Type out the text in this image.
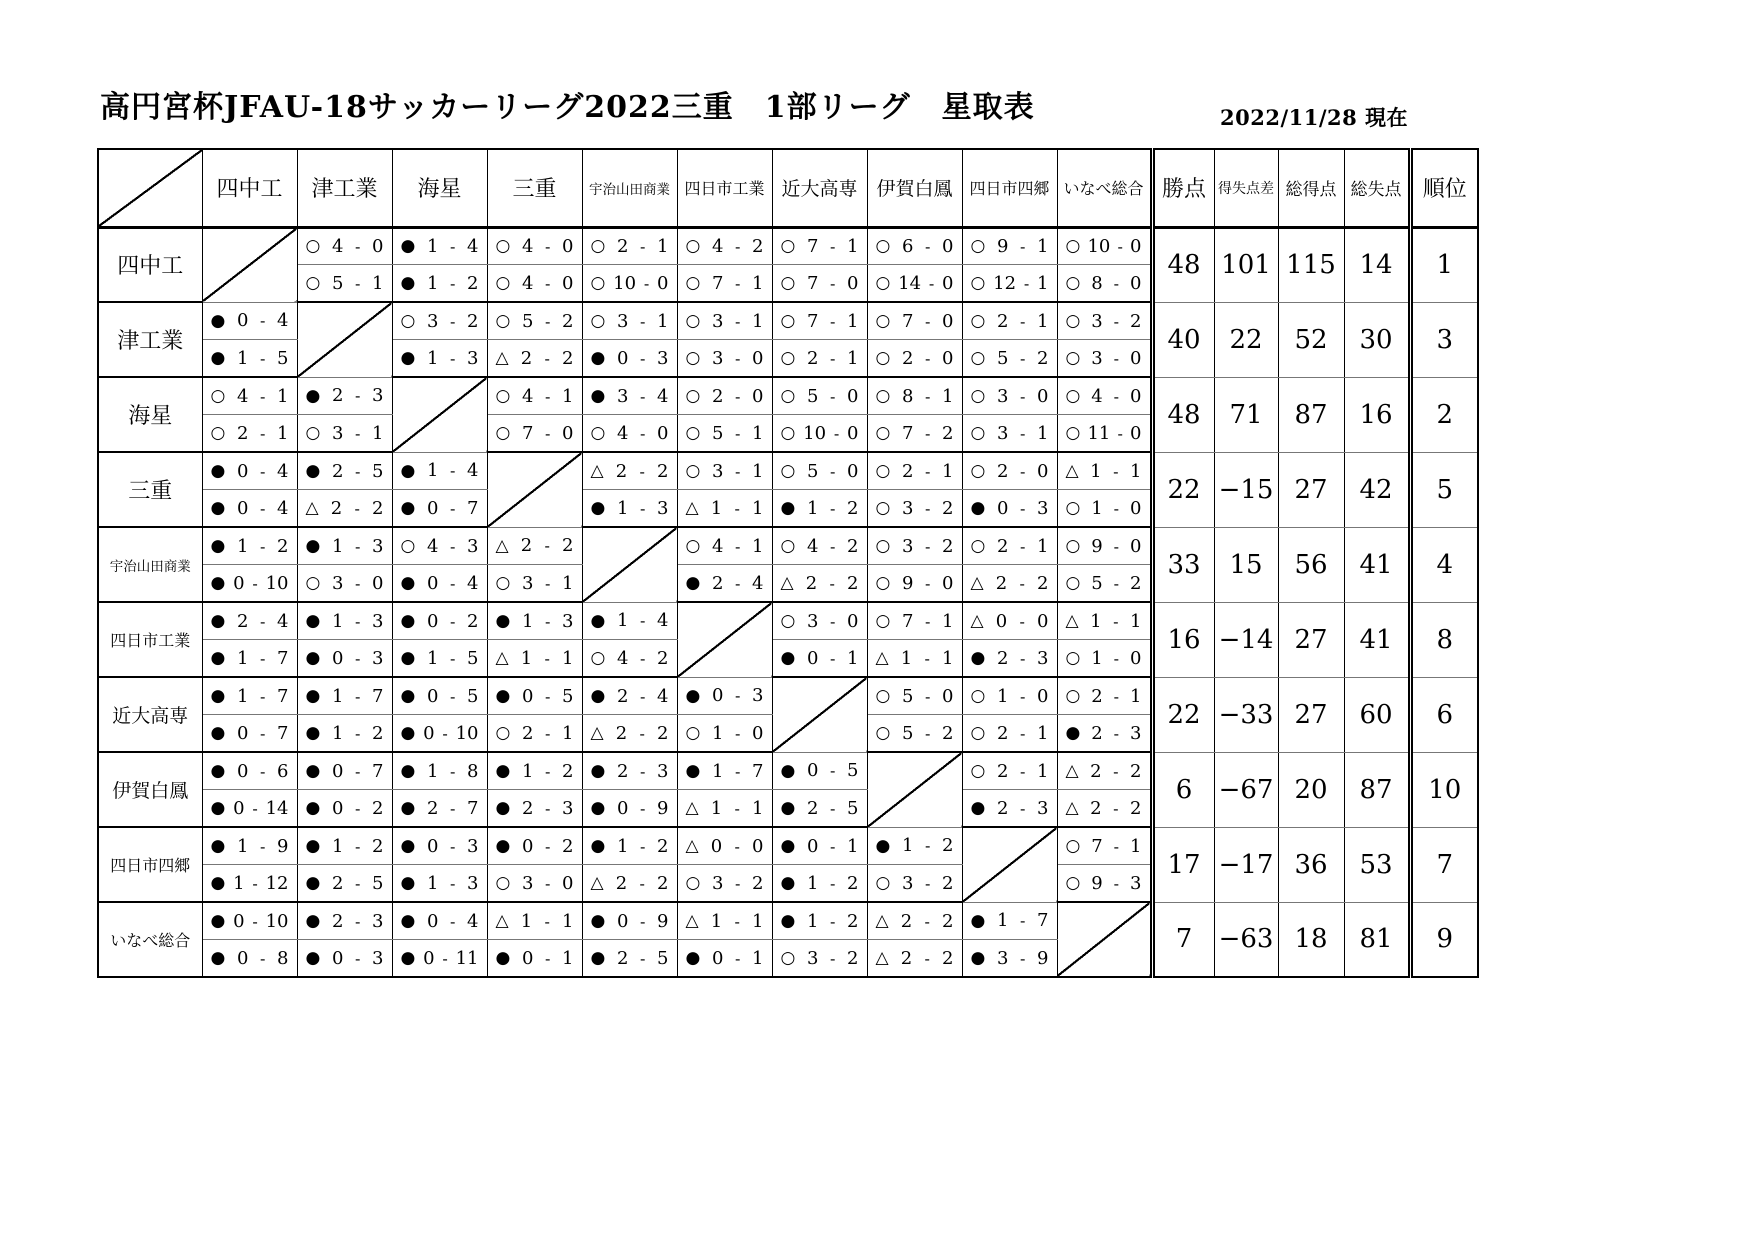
高円宮杯JFAU-18サッカーリーグ2022三重　1部リーグ　星取表	2022/11/28 現在
	四中工	津工業	海星	三重	宇治山田商業	四日市工業	近大高専	伊賀白鳳	四日市四郷	いなべ総合	勝点	得失点差	総得点	総失点	順位
四中工		○ 4 - 0	● 1 - 4	○ 4 - 0	○ 2 - 1	○ 4 - 2	○ 7 - 1	○ 6 - 0	○ 9 - 1	○ 10 - 0	48	101	115	14	1

		○ 5 - 1	● 1 - 2	○ 4 - 0	○ 10 - 0	○ 7 - 1	○ 7 - 0	○ 14 - 0	○ 12 - 1	○ 8 - 0					

津工業	● 0 - 4		○ 3 - 2	○ 5 - 2	○ 3 - 1	○ 3 - 1	○ 7 - 1	○ 7 - 0	○ 2 - 1	○ 3 - 2	40	22	52	30	3

	● 1 - 5		● 1 - 3	△ 2 - 2	● 0 - 3	○ 3 - 0	○ 2 - 1	○ 2 - 0	○ 5 - 2	○ 3 - 0					

海星	○ 4 - 1	● 2 - 3		○ 4 - 1	● 3 - 4	○ 2 - 0	○ 5 - 0	○ 8 - 1	○ 3 - 0	○ 4 - 0	48	71	87	16	2

	○ 2 - 1	○ 3 - 1		○ 7 - 0	○ 4 - 0	○ 5 - 1	○ 10 - 0	○ 7 - 2	○ 3 - 1	○ 11 - 0					

三重	● 0 - 4	● 2 - 5	● 1 - 4		△ 2 - 2	○ 3 - 1	○ 5 - 0	○ 2 - 1	○ 2 - 0	△ 1 - 1	22	−15	27	42	5

	● 0 - 4	△ 2 - 2	● 0 - 7		● 1 - 3	△ 1 - 1	● 1 - 2	○ 3 - 2	● 0 - 3	○ 1 - 0					

宇治山田商業	● 1 - 2	● 1 - 3	○ 4 - 3	△ 2 - 2		○ 4 - 1	○ 4 - 2	○ 3 - 2	○ 2 - 1	○ 9 - 0	33	15	56	41	4

	● 0 - 10	○ 3 - 0	● 0 - 4	○ 3 - 1		● 2 - 4	△ 2 - 2	○ 9 - 0	△ 2 - 2	○ 5 - 2					

四日市工業	● 2 - 4	● 1 - 3	● 0 - 2	● 1 - 3	● 1 - 4		○ 3 - 0	○ 7 - 1	△ 0 - 0	△ 1 - 1	16	−14	27	41	8

	● 1 - 7	● 0 - 3	● 1 - 5	△ 1 - 1	○ 4 - 2		● 0 - 1	△ 1 - 1	● 2 - 3	○ 1 - 0					

近大高専	● 1 - 7	● 1 - 7	● 0 - 5	● 0 - 5	● 2 - 4	● 0 - 3		○ 5 - 0	○ 1 - 0	○ 2 - 1	22	−33	27	60	6

	● 0 - 7	● 1 - 2	● 0 - 10	○ 2 - 1	△ 2 - 2	○ 1 - 0		○ 5 - 2	○ 2 - 1	● 2 - 3					

伊賀白鳳	● 0 - 6	● 0 - 7	● 1 - 8	● 1 - 2	● 2 - 3	● 1 - 7	● 0 - 5		○ 2 - 1	△ 2 - 2	6	−67	20	87	10

	● 0 - 14	● 0 - 2	● 2 - 7	● 2 - 3	● 0 - 9	△ 1 - 1	● 2 - 5		● 2 - 3	△ 2 - 2					

四日市四郷	● 1 - 9	● 1 - 2	● 0 - 3	● 0 - 2	● 1 - 2	△ 0 - 0	● 0 - 1	● 1 - 2		○ 7 - 1	17	−17	36	53	7

	● 1 - 12	● 2 - 5	● 1 - 3	○ 3 - 0	△ 2 - 2	○ 3 - 2	● 1 - 2	○ 3 - 2		○ 9 - 3					

いなべ総合	● 0 - 10	● 2 - 3	● 0 - 4	△ 1 - 1	● 0 - 9	△ 1 - 1	● 1 - 2	△ 2 - 2	● 1 - 7		7	−63	18	81	9

	● 0 - 8	● 0 - 3	● 0 - 11	● 0 - 1	● 2 - 5	● 0 - 1	○ 3 - 2	△ 2 - 2	● 3 - 9						
